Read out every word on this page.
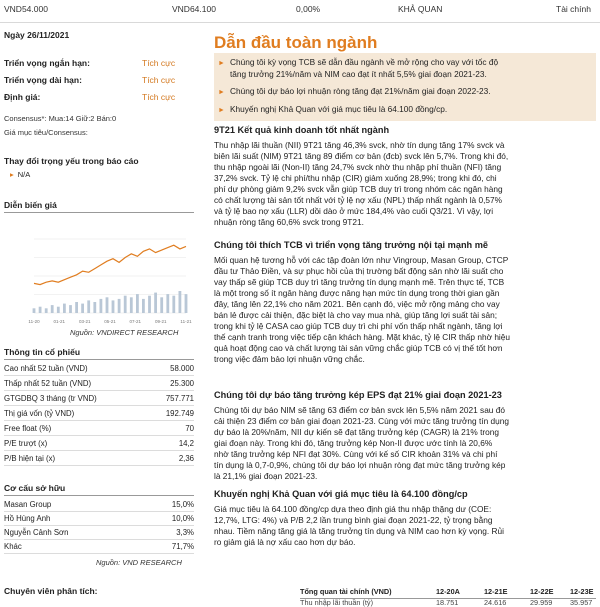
VND54.000	VND64.100	0,00%	KHẢ QUAN	Tài chính
Ngày 26/11/2021
Triển vọng ngắn hạn:	Tích cực
Triển vọng dài hạn:	Tích cực
Định giá:	Tích cực
Consensus*: Mua:14 Giữ:2 Bán:0
Giá mục tiêu/Consensus:
Thay đổi trọng yếu trong báo cáo
▸ N/A
Diễn biến giá
11-20	01-21	03-21	05-21	07-21	09-21	11-21
Nguồn: VNDIRECT RESEARCH
Thông tin cổ phiếu
Cao nhất 52 tuần (VND)	58.000
Thấp nhất 52 tuần (VND)	25.300
GTGDBQ 3 tháng (tr VND)	757.771
Thị giá vốn (tỷ VND)	192.749
Free float (%)	70
P/E trượt (x)	14,2
P/B hiện tại (x)	2,36
Cơ cấu sở hữu
Masan Group	15,0%
Hồ Hùng Anh	10,0%
Nguyễn Cảnh Sơn	3,3%
Khác	71,7%
Nguồn: VND RESEARCH
Chuyên viên phân tích:
Dẫn đầu toàn ngành
► Chúng tôi kỳ vọng TCB sẽ dẫn đầu ngành về mở rộng cho vay với tốc độ
tăng trưởng 21%/năm và NIM cao đạt ít nhất 5,5% giai đoạn 2021-23.
► Chúng tôi dự báo lợi nhuận ròng tăng đạt 21%/năm giai đoạn 2022-23.
► Khuyến nghị Khả Quan với giá mục tiêu là 64.100 đồng/cp.
9T21 Kết quả kinh doanh tốt nhất ngành
Thu nhập lãi thuần (NII) 9T21 tăng 46,3% svck, nhờ tín dụng tăng 17% svck và
biên lãi suất (NIM) 9T21 tăng 89 điểm cơ bản (đcb) svck lên 5,7%. Trong khi đó,
thu nhập ngoài lãi (Non-II) tăng 24,7% svck nhờ thu nhập phí thuần (NFI) tăng
37,2% svck. Tỷ lệ chi phí/thu nhập (CIR) giảm xuống 28,9%; trong khi đó, chi
phí dự phòng giảm 9,2% svck vẫn giúp TCB duy trì trong nhóm các ngân hàng
có chất lượng tài sản tốt nhất với tỷ lệ nợ xấu (NPL) thấp nhất ngành là 0,57%
và tỷ lệ bao nợ xấu (LLR) dồi dào ở mức 184,4% vào cuối Q3/21. Vì vậy, lợi
nhuận ròng tăng 60,6% svck trong 9T21.
Chúng tôi thích TCB vì triển vọng tăng trưởng nội tại mạnh mẽ
Mối quan hệ tương hỗ với các tập đoàn lớn như Vingroup, Masan Group, CTCP
đầu tư Thảo Điền, và sự phục hồi của thị trường bất động sản nhờ lãi suất cho
vay thấp sẽ giúp TCB duy trì tăng trưởng tín dụng mạnh mẽ. Trên thực tế, TCB
là một trong số ít ngân hàng được nâng hạn mức tín dụng trong thời gian gần
đây, tăng lên 22,1% cho năm 2021. Bên cạnh đó, việc mở rộng mảng cho vay
bán lẻ được cải thiện, đặc biệt là cho vay mua nhà, giúp tăng lợi suất tài sản;
trong khi tỷ lệ CASA cao giúp TCB duy trì chi phí vốn thấp nhất ngành, tăng lợi
thế cạnh tranh trong việc tiếp cận khách hàng. Mặt khác, tỷ lệ CIR thấp nhờ hiệu
quả hoạt động cao và chất lượng tài sản vững chắc giúp TCB có vị thế tốt hơn
trong việc đảm bảo lợi nhuận vững chắc.
Chúng tôi dự báo tăng trưởng kép EPS đạt 21% giai đoạn 2021-23
Chúng tôi dự báo NIM sẽ tăng 63 điểm cơ bản svck lên 5,5% năm 2021 sau đó
cải thiện 23 điểm cơ bản giai đoạn 2021-23. Cùng với mức tăng trưởng tín dụng
dự báo là 20%/năm, NII dự kiến sẽ đạt tăng trưởng kép (CAGR) là 21% trong
giai đoạn này. Trong khi đó, tăng trưởng kép Non-II được ước tính là 20,6%
nhờ tăng trưởng kép NFI đạt 30%. Cùng với kế số CIR khoản 31% và chi phí
tín dụng là 0,7-0,9%, chúng tôi dự báo lợi nhuận ròng đạt mức tăng trưởng kép
là 21,1% giai đoạn 2021-23.
Khuyến nghị Khả Quan với giá mục tiêu là 64.100 đồng/cp
Giá mục tiêu là 64.100 đồng/cp dựa theo định giá thu nhập thặng dư (COE:
12,7%, LTG: 4%) và P/B 2,2 lần trung bình giai đoạn 2021-22, tỷ trọng bằng
nhau. Tiềm năng tăng giá là tăng trưởng tín dụng và NIM cao hơn kỳ vọng. Rủi
ro giảm giá là nợ xấu cao hơn dự báo.
Tổng quan tài chính (VND)	12-20A	12-21E	12-22E 12-23E
Thu nhập lãi thuần (tỷ)	18.751	24.616	29.959 35.957
